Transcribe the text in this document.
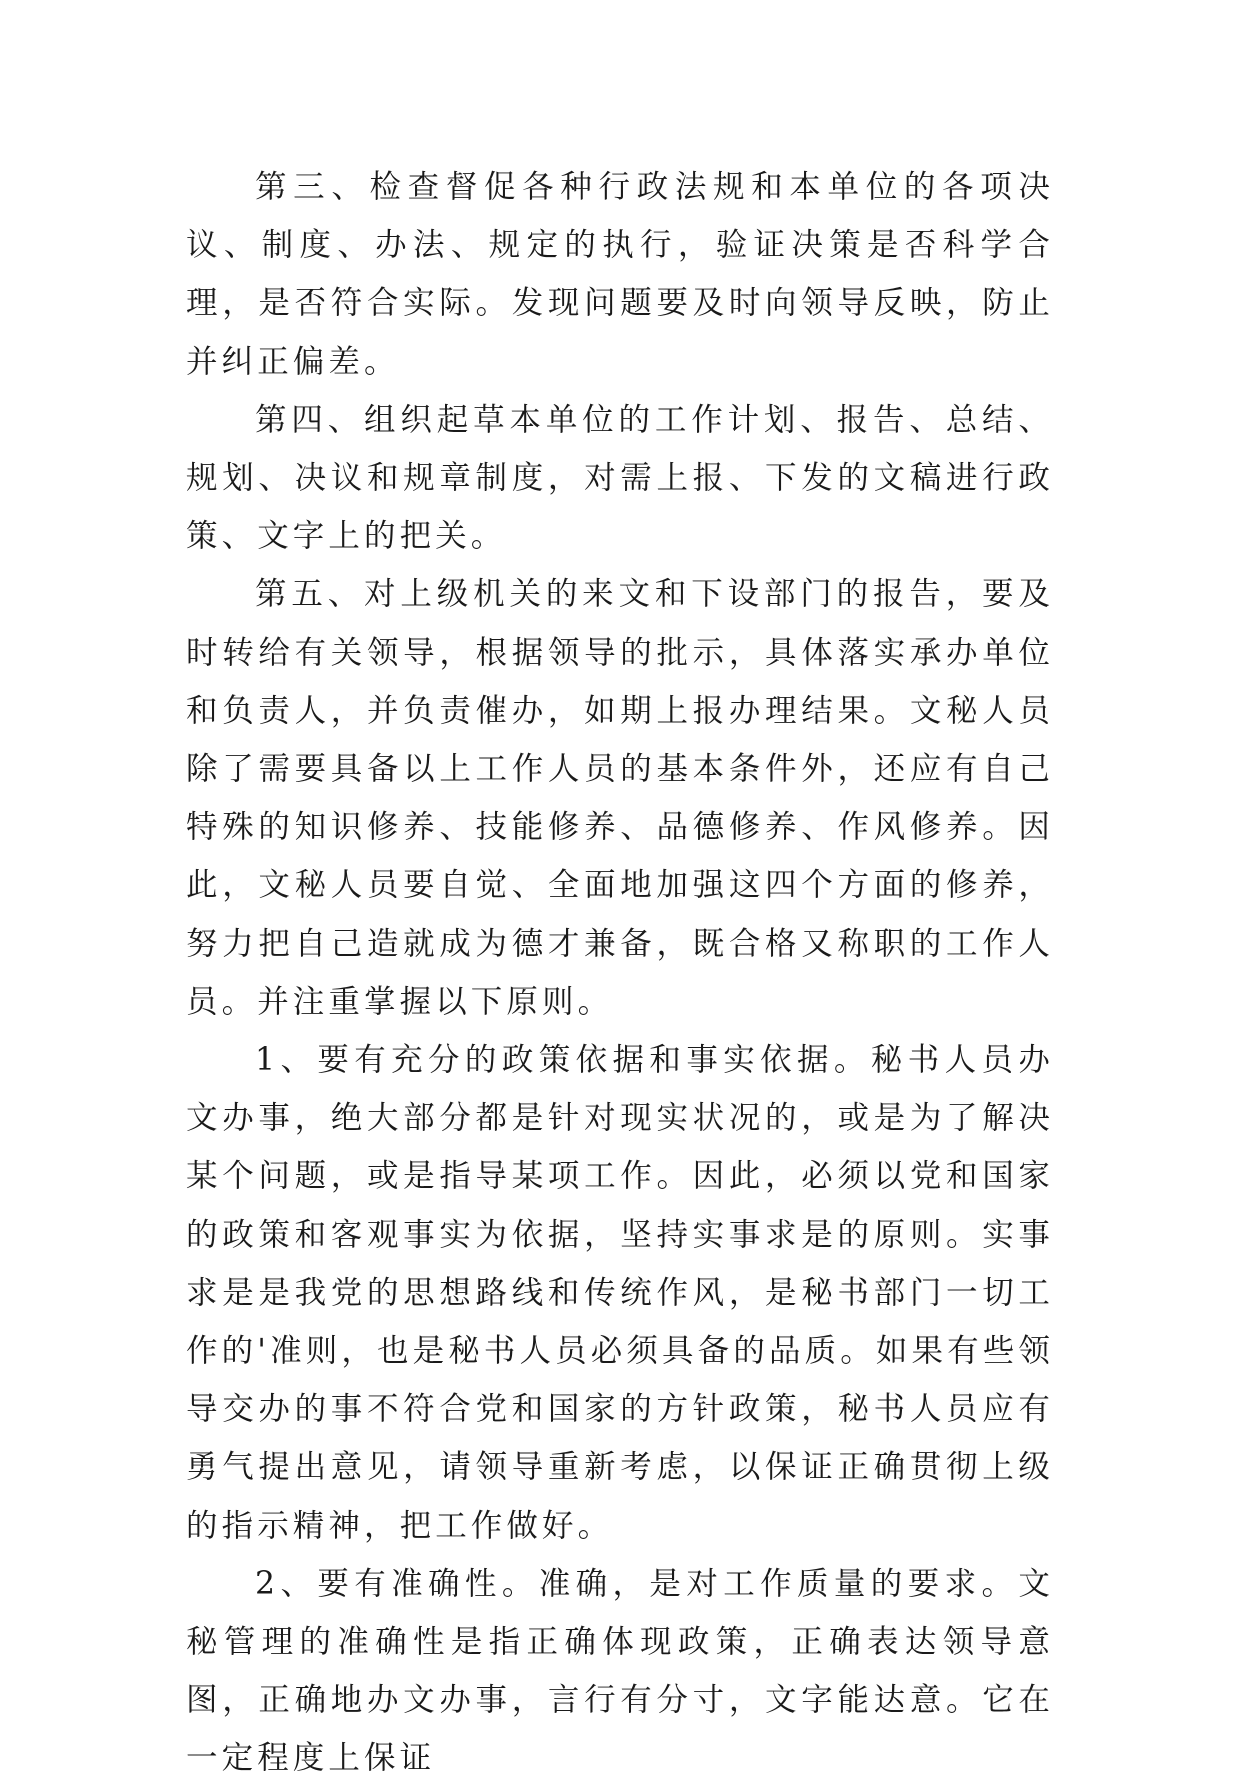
第三、检查督促各种行政法规和本单位的各项决议、制度、办法、规定的执行，验证决策是否科学合理，是否符合实际。发现问题要及时向领导反映，防止并纠正偏差。

第四、组织起草本单位的工作计划、报告、总结、规划、决议和规章制度，对需上报、下发的文稿进行政策、文字上的把关。

第五、对上级机关的来文和下设部门的报告，要及时转给有关领导，根据领导的批示，具体落实承办单位和负责人，并负责催办，如期上报办理结果。文秘人员除了需要具备以上工作人员的基本条件外，还应有自己特殊的知识修养、技能修养、品德修养、作风修养。因此，文秘人员要自觉、全面地加强这四个方面的修养，努力把自己造就成为德才兼备，既合格又称职的工作人员。并注重掌握以下原则。

1、要有充分的政策依据和事实依据。秘书人员办文办事，绝大部分都是针对现实状况的，或是为了解决某个问题，或是指导某项工作。因此，必须以党和国家的政策和客观事实为依据，坚持实事求是的原则。实事求是是我党的思想路线和传统作风，是秘书部门一切工作的'准则，也是秘书人员必须具备的品质。如果有些领导交办的事不符合党和国家的方针政策，秘书人员应有勇气提出意见，请领导重新考虑，以保证正确贯彻上级的指示精神，把工作做好。

2、要有准确性。准确，是对工作质量的要求。文秘管理的准确性是指正确体现政策，正确表达领导意图，正确地办文办事，言行有分寸，文字能达意。它在一定程度上保证
